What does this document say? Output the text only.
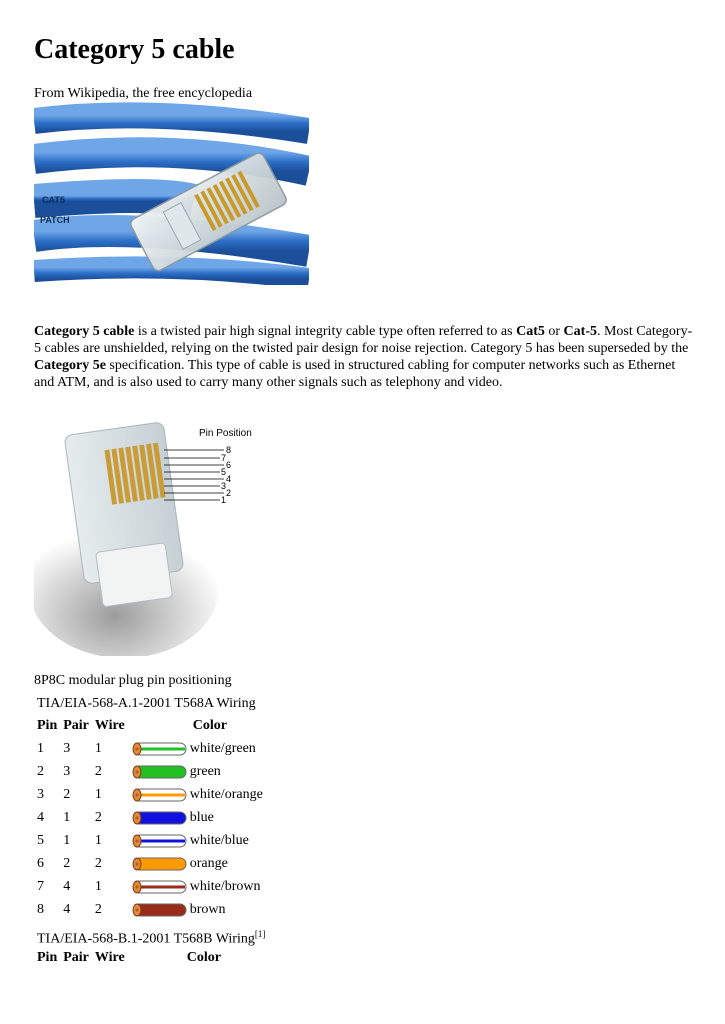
Category 5 cable
From Wikipedia, the free encyclopedia
CAT5
PATCH

Category 5 cable is a twisted pair high signal integrity cable type often referred to as Cat5 or Cat-5. Most Category-5 cables are unshielded, relying on the twisted pair design for noise rejection. Category 5 has been superseded by the Category 5e specification. This type of cable is used in structured cabling for computer networks such as Ethernet and ATM, and is also used to carry many other signals such as telephony and video.

Pin Position
8
7
6
5
4
3
2
1
8P8C modular plug pin positioning
TIA/EIA-568-A.1-2001 T568A Wiring
Pin	Pair	Wire		Color
1	3	1		white/green
2	3	2		green
3	2	1		white/orange
4	1	2		blue
5	1	1		white/blue
6	2	2		orange
7	4	1		white/brown
8	4	2		brown
TIA/EIA-568-B.1-2001 T568B Wiring[1]
Pin	Pair	Wire		Color
